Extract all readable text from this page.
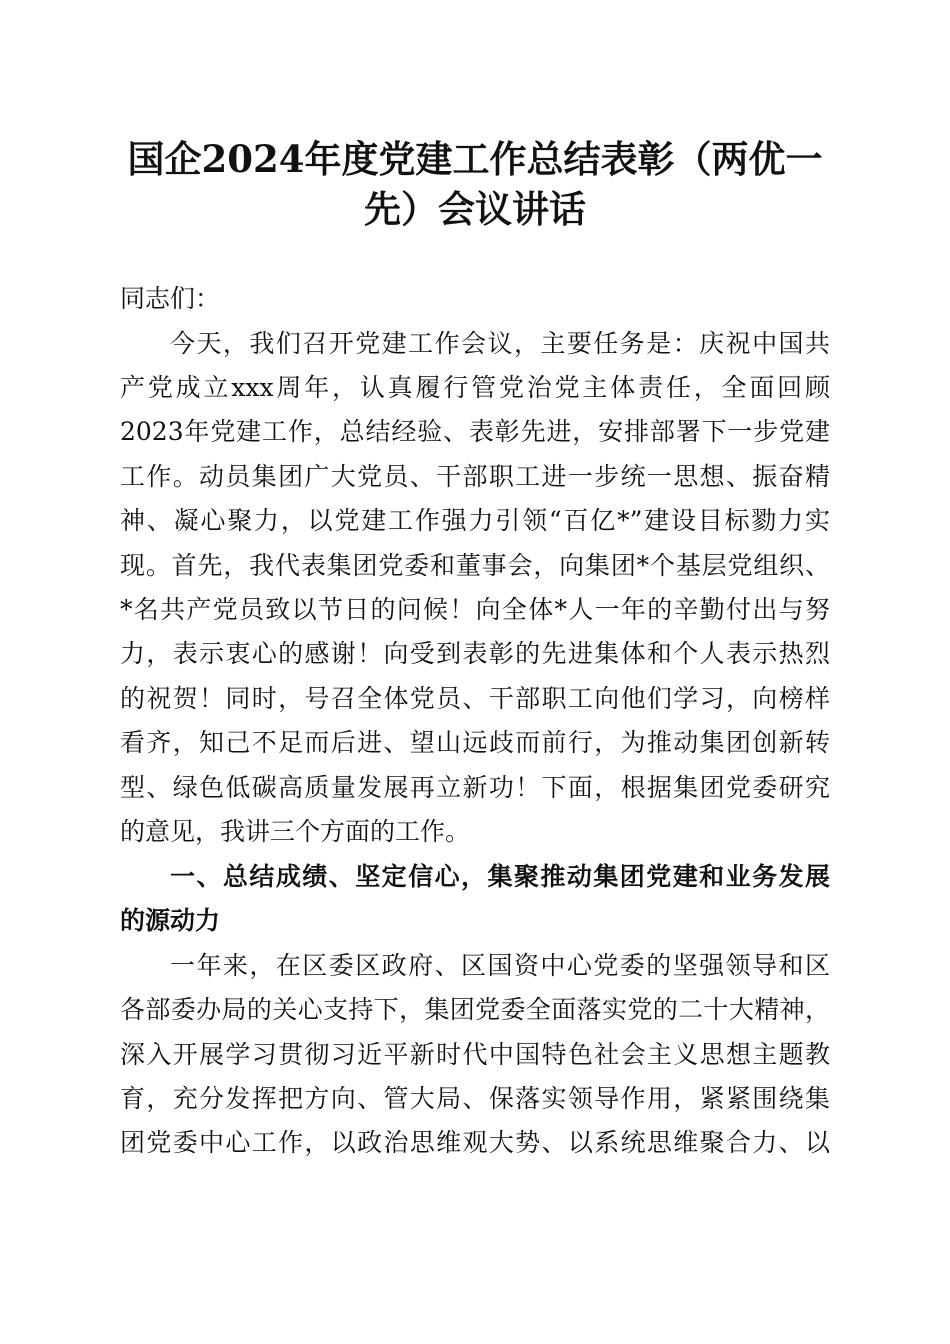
国企2024年度党建工作总结表彰（两优一
先）会议讲话

同志们：

今天，我们召开党建工作会议，主要任务是：庆祝中国共

产党成立xxx周年，认真履行管党治党主体责任，全面回顾

2023年党建工作，总结经验、表彰先进，安排部署下一步党建

工作。动员集团广大党员、干部职工进一步统一思想、振奋精

神、凝心聚力，以党建工作强力引领“百亿*”建设目标勠力实

现。首先，我代表集团党委和董事会，向集团*个基层党组织、

*名共产党员致以节日的问候！向全体*人一年的辛勤付出与努

力，表示衷心的感谢！向受到表彰的先进集体和个人表示热烈

的祝贺！同时，号召全体党员、干部职工向他们学习，向榜样

看齐，知己不足而后进、望山远歧而前行，为推动集团创新转

型、绿色低碳高质量发展再立新功！下面，根据集团党委研究

的意见，我讲三个方面的工作。

一、总结成绩、坚定信心，集聚推动集团党建和业务发展

的源动力

一年来，在区委区政府、区国资中心党委的坚强领导和区

各部委办局的关心支持下，集团党委全面落实党的二十大精神，

深入开展学习贯彻习近平新时代中国特色社会主义思想主题教

育，充分发挥把方向、管大局、保落实领导作用，紧紧围绕集

团党委中心工作，以政治思维观大势、以系统思维聚合力、以
